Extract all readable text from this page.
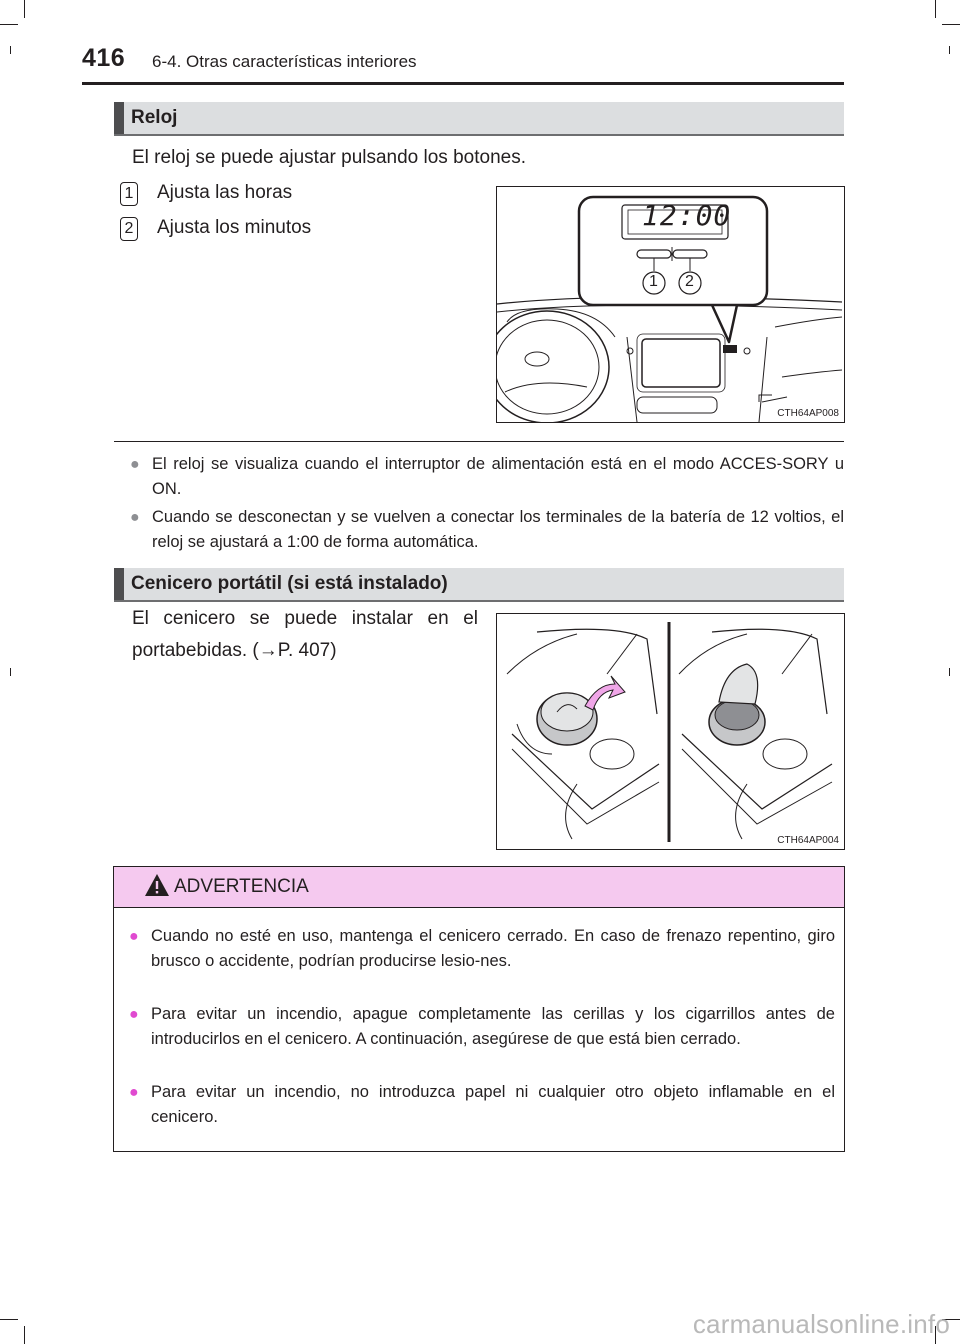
416 6-4. Otras características interiores
Reloj
El reloj se puede ajustar pulsando los botones.
1 Ajusta las horas
2 Ajusta los minutos	12:00
1 2
CTH64AP008
● El reloj se visualiza cuando el interruptor de alimentación está en el modo ACCES-SORY u ON.
● Cuando se desconectan y se vuelven a conectar los terminales de la batería de 12 voltios, el reloj se ajustará a 1:00 de forma automática.
Cenicero portátil (si está instalado)
El cenicero se puede instalar en el portabebidas. (→P. 407)
CTH64AP004
ADVERTENCIA
● Cuando no esté en uso, mantenga el cenicero cerrado. En caso de frenazo repentino, giro brusco o accidente, podrían producirse lesio-nes.
● Para evitar un incendio, apague completamente las cerillas y los cigarrillos antes de introducirlos en el cenicero. A continuación, asegúrese de que está bien cerrado.
● Para evitar un incendio, no introduzca papel ni cualquier otro objeto inflamable en el cenicero.
carmanualsonline.info
